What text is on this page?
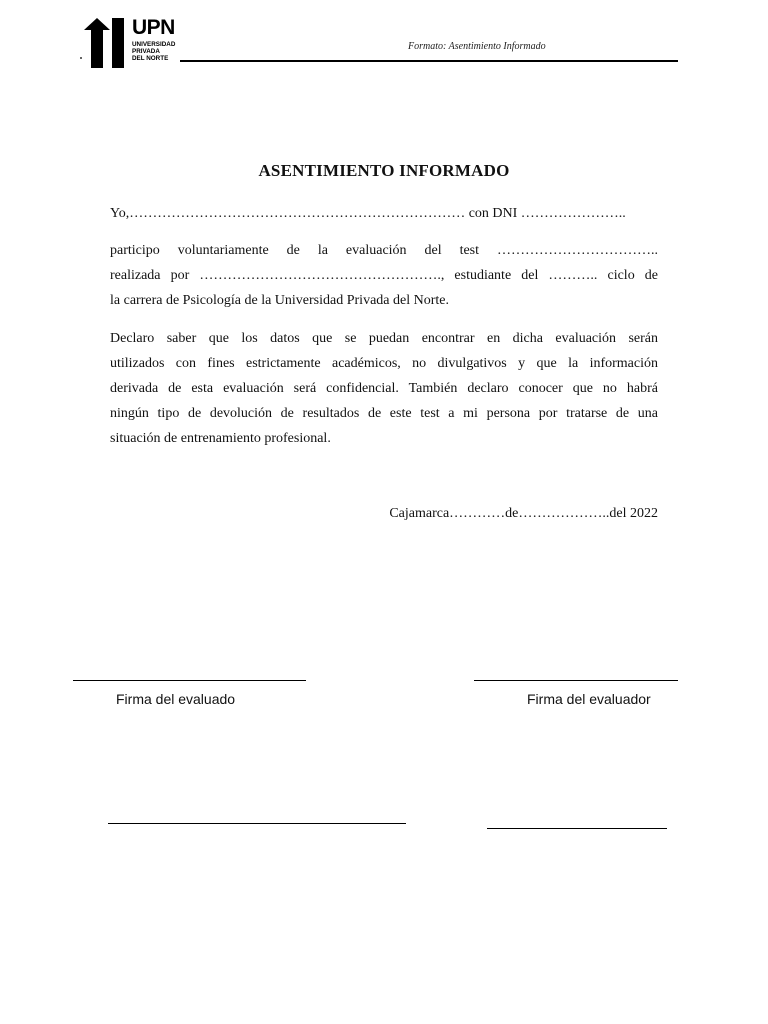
UPN
UNIVERSIDAD
PRIVADA
DEL NORTE
Formato: Asentimiento Informado
ASENTIMIENTO INFORMADO
Yo,……………………………………………………………… con DNI …………………..
participo voluntariamente de la evaluación del test ……………………………..
realizada por ……………………………………………., estudiante del ……….. ciclo de
la carrera de Psicología de la Universidad Privada del Norte.
Declaro saber que los datos que se puedan encontrar en dicha evaluación serán
utilizados con fines estrictamente académicos, no divulgativos y que la información
derivada de esta evaluación será confidencial. También declaro conocer que no habrá
ningún tipo de devolución de resultados de este test a mi persona por tratarse de una
situación de entrenamiento profesional.
Cajamarca…………de………………..del 2022
Firma del evaluado	Firma del evaluador
